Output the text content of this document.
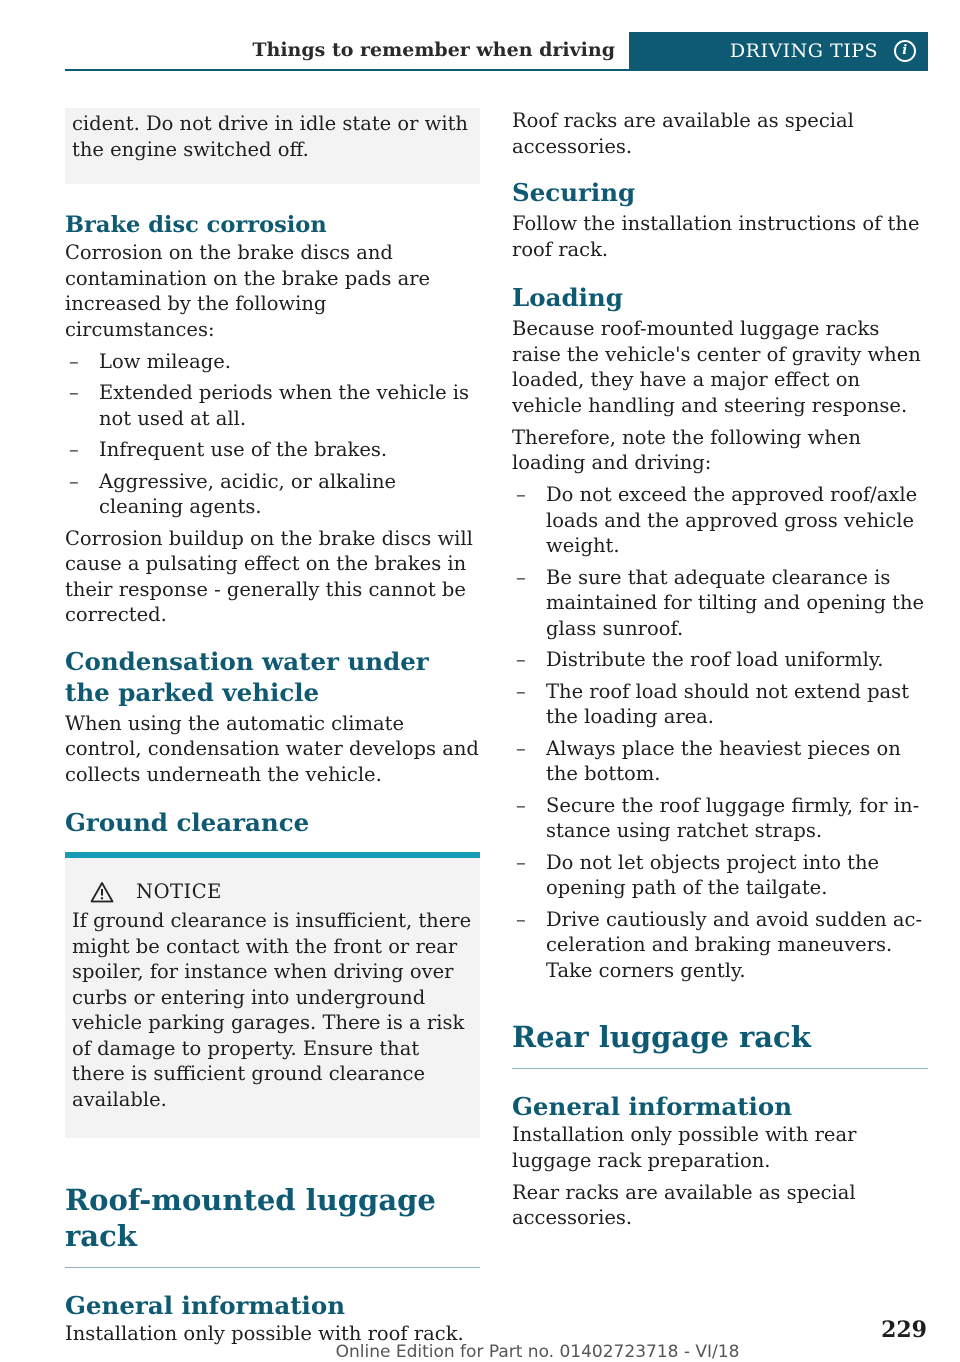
Things to remember when driving	DRIVING TIPS	i

cident. Do not drive in idle state or with the engine switched off.

Brake disc corrosion

Corrosion on the brake discs and contamination on the brake pads are increased by the following circumstances:

– Low mileage.
– Extended periods when the vehicle is not used at all.
– Infrequent use of the brakes.
– Aggressive, acidic, or alkaline cleaning agents.

Corrosion buildup on the brake discs will cause a pulsating effect on the brakes in their response - generally this cannot be corrected.

Condensation water under the parked vehicle

When using the automatic climate control, condensation water develops and collects underneath the vehicle.

Ground clearance
NOTICE

If ground clearance is insufficient, there might be contact with the front or rear spoiler, for instance when driving over curbs or entering into underground vehicle parking garages. There is a risk of damage to property. Ensure that there is sufficient ground clearance available.

Roof-mounted luggage rack
General information

Installation only possible with roof rack.

Roof racks are available as special accessories.

Securing

Follow the installation instructions of the roof rack.

Loading

Because roof-mounted luggage racks raise the vehicle's center of gravity when loaded, they have a major effect on vehicle handling and steering response.

Therefore, note the following when loading and driving:

– Do not exceed the approved roof/axle loads and the approved gross vehicle weight.
– Be sure that adequate clearance is maintained for tilting and opening the glass sunroof.
– Distribute the roof load uniformly.
– The roof load should not extend past the loading area.
– Always place the heaviest pieces on the bottom.
– Secure the roof luggage firmly, for instance using ratchet straps.
– Do not let objects project into the opening path of the tailgate.
– Drive cautiously and avoid sudden acceleration and braking maneuvers. Take corners gently.
Rear luggage rack
General information

Installation only possible with rear luggage rack preparation.

Rear racks are available as special accessories.

229
Online Edition for Part no. 01402723718 - VI/18
